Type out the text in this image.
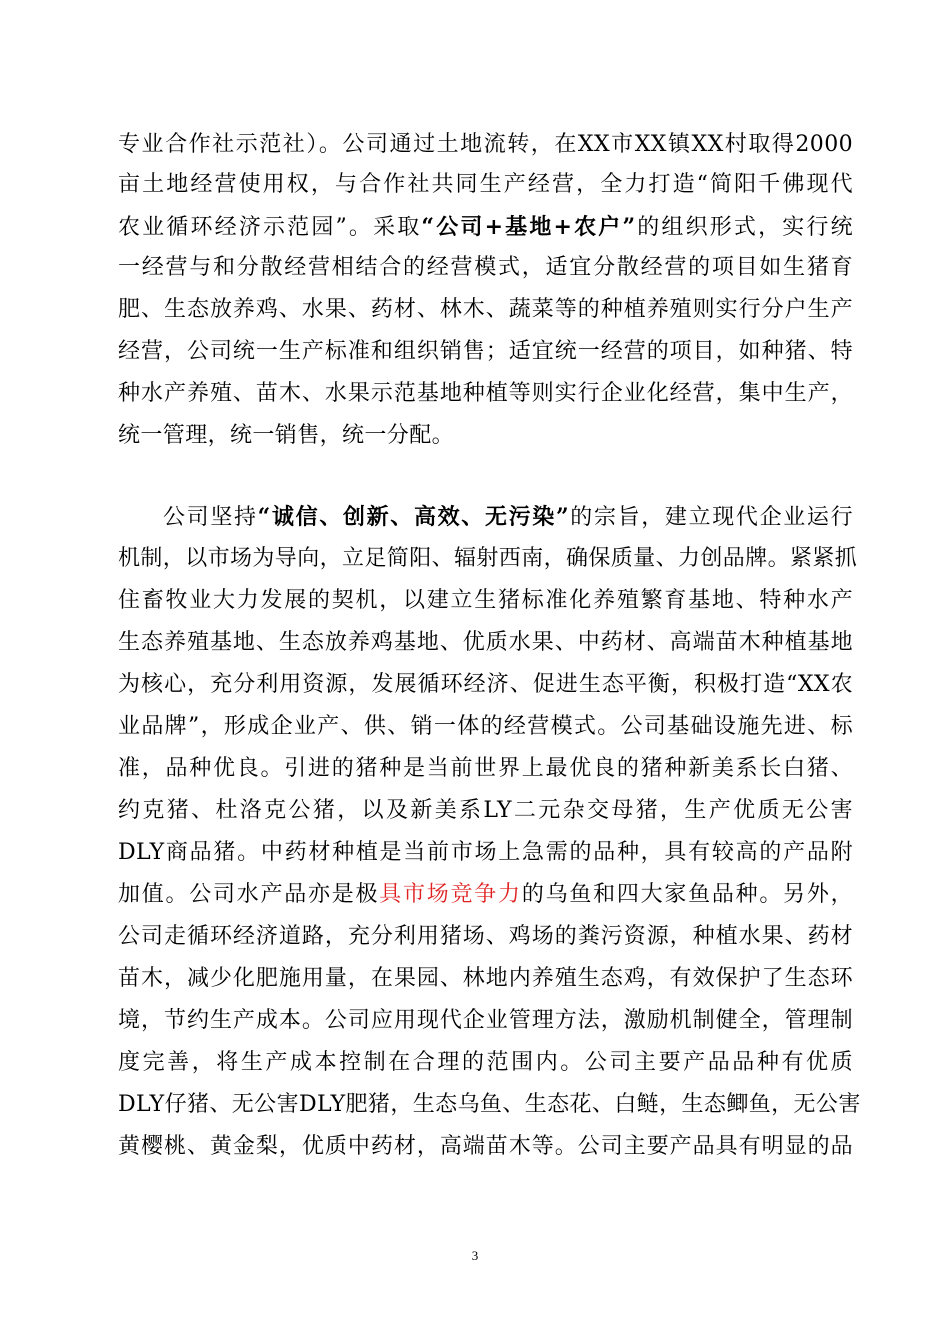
专业合作社示范社）。公司通过土地流转，在XX市XX镇XX村取得2000
亩土地经营使用权，与合作社共同生产经营，全力打造“简阳千佛现代
农业循环经济示范园”。采取“公司+基地+农户”的组织形式，实行统
一经营与和分散经营相结合的经营模式，适宜分散经营的项目如生猪育
肥、生态放养鸡、水果、药材、林木、蔬菜等的种植养殖则实行分户生产
经营，公司统一生产标准和组织销售；适宜统一经营的项目，如种猪、特
种水产养殖、苗木、水果示范基地种植等则实行企业化经营，集中生产，
统一管理，统一销售，统一分配。
公司坚持“诚信、创新、高效、无污染”的宗旨，建立现代企业运行
机制，以市场为导向，立足简阳、辐射西南，确保质量、力创品牌。紧紧抓
住畜牧业大力发展的契机，以建立生猪标准化养殖繁育基地、特种水产
生态养殖基地、生态放养鸡基地、优质水果、中药材、高端苗木种植基地
为核心，充分利用资源，发展循环经济、促进生态平衡，积极打造“XX农
业品牌”，形成企业产、供、销一体的经营模式。公司基础设施先进、标
准，品种优良。引进的猪种是当前世界上最优良的猪种新美系长白猪、
约克猪、杜洛克公猪，以及新美系LY二元杂交母猪，生产优质无公害
DLY商品猪。中药材种植是当前市场上急需的品种，具有较高的产品附
加值。公司水产品亦是极具市场竞争力的乌鱼和四大家鱼品种。另外，
公司走循环经济道路，充分利用猪场、鸡场的粪污资源，种植水果、药材
苗木，减少化肥施用量，在果园、林地内养殖生态鸡，有效保护了生态环
境，节约生产成本。公司应用现代企业管理方法，激励机制健全，管理制
度完善，将生产成本控制在合理的范围内。公司主要产品品种有优质
DLY仔猪、无公害DLY肥猪，生态乌鱼、生态花、白鲢，生态鲫鱼，无公害
黄樱桃、黄金梨，优质中药材，高端苗木等。公司主要产品具有明显的品
3
